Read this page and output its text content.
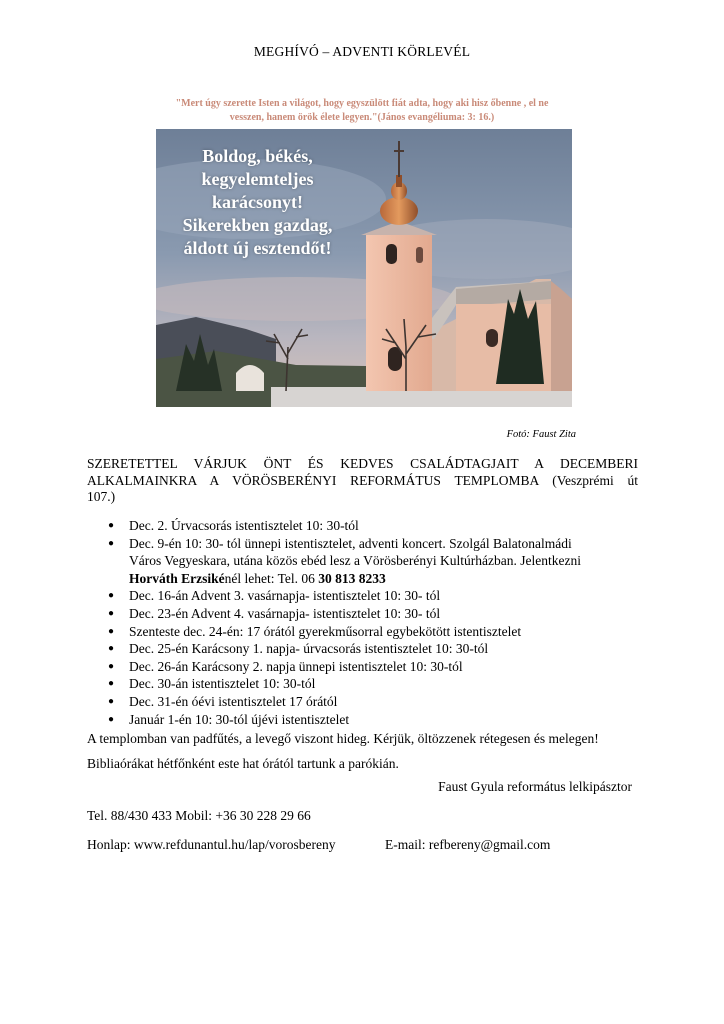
MEGHÍVÓ – ADVENTI KÖRLEVÉL
"Mert úgy szerette Isten a világot, hogy egyszülött fiát adta, hogy aki hisz őbenne , el ne
vesszen, hanem örök élete legyen."(János evangéliuma: 3: 16.)
Boldog, békés,
kegyelemteljes
karácsonyt!
Sikerekben gazdag,
áldott új esztendőt!
Fotó: Faust Zita
SZERETETTEL VÁRJUK ÖNT ÉS KEDVES CSALÁDTAGJAIT A DECEMBERI
ALKALMAINKRA A VÖRÖSBERÉNYI REFORMÁTUS TEMPLOMBA (Veszprémi út
107.)
● Dec. 2. Úrvacsorás istentisztelet 10: 30-tól
● Dec. 9-én 10: 30- tól ünnepi istentisztelet, adventi koncert. Szolgál Balatonalmádi
Város Vegyeskara, utána közös ebéd lesz a Vörösberényi Kultúrházban. Jelentkezni
Horváth Erzsikénél lehet: Tel. 06 30 813 8233
● Dec. 16-án Advent 3. vasárnapja- istentisztelet 10: 30- tól
● Dec. 23-én Advent 4. vasárnapja- istentisztelet 10: 30- tól
● Szenteste dec. 24-én: 17 órától gyerekműsorral egybekötött istentisztelet
● Dec. 25-én Karácsony 1. napja- úrvacsorás istentisztelet 10: 30-tól
● Dec. 26-án Karácsony 2. napja ünnepi istentisztelet 10: 30-tól
● Dec. 30-án istentisztelet 10: 30-tól
● Dec. 31-én óévi istentisztelet 17 órától
● Január 1-én 10: 30-tól újévi istentisztelet
A templomban van padfűtés, a levegő viszont hideg. Kérjük, öltözzenek rétegesen és melegen!
Bibliaórákat hétfőnként este hat órától tartunk a parókián.
Faust Gyula református lelkipásztor
Tel. 88/430 433 Mobil: +36 30 228 29 66
Honlap: www.refdunantul.hu/lap/vorosbereny	E-mail: refbereny@gmail.com
